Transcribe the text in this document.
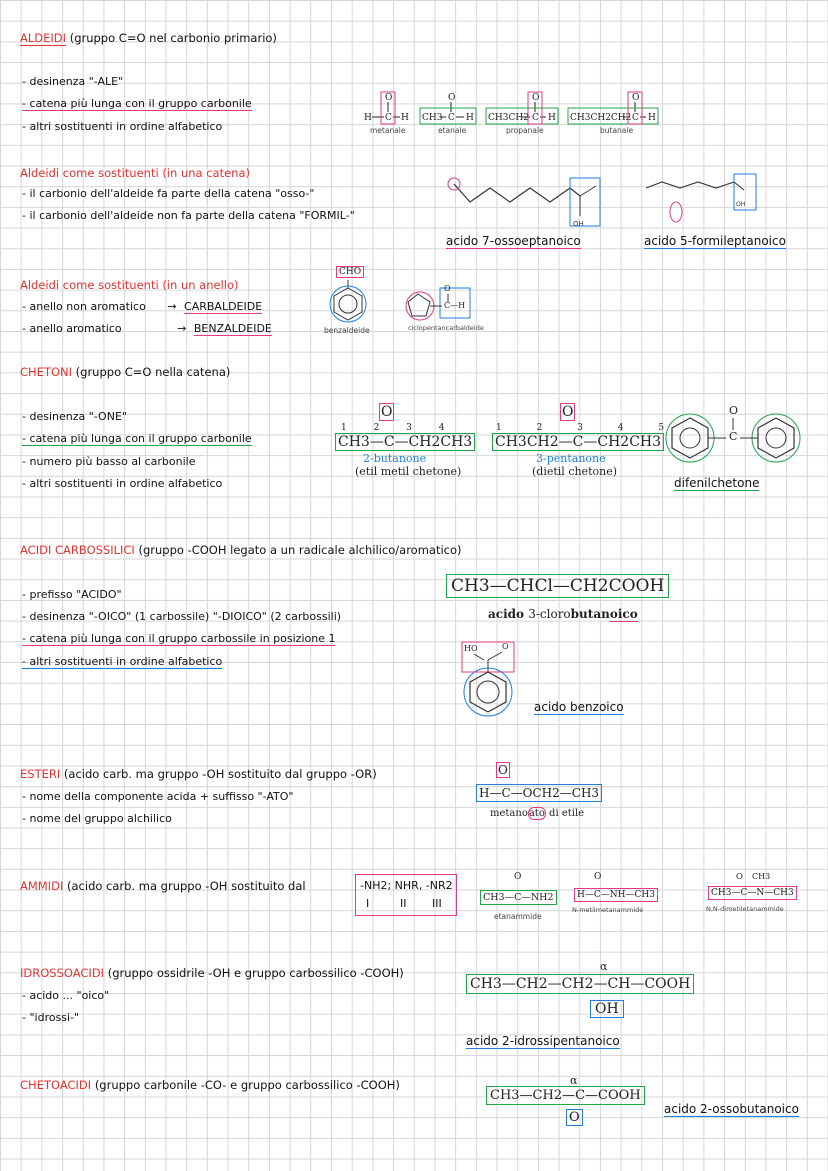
ALDEIDI (gruppo C=O nel carbonio primario)
- desinenza "-ALE"
- catena più lunga con il gruppo carbonile
- altri sostituenti in ordine alfabetico
O
H C H
O
CH3 C H
O
CH3CH2 C H
O
CH3CH2CH2 C H
metanale	etanale	propanale	butanale
Aldeidi come sostituenti (in una catena)
- il carbonio dell'aldeide fa parte della catena "osso-"
- il carbonio dell'aldeide non fa parte della catena "FORMIL-"
OH
acido 7-ossoeptanoico
OH
acido 5-formileptanoico
Aldeidi come sostituenti (in un anello)
- anello non aromatico → CARBALDEIDE
- anello aromatico	→ BENZALDEIDE
CHO
benzaldeide
O
C—H
ciclopentancarbaldeide
CHETONI (gruppo C=O nella catena)
- desinenza "-ONE"
- catena più lunga con il gruppo carbonile
- numero più basso al carbonile
- altri sostituenti in ordine alfabetico
1 2 3 4
O
CH3—C—CH2CH3
2-butanone
(etil metil chetone)
1 2 3 4 5
O
CH3CH2—C—CH2CH3
3-pentanone
(dietil chetone)
O
C
difenilchetone
ACIDI CARBOSSILICI (gruppo -COOH legato a un radicale alchilico/aromatico)
- prefisso "ACIDO"
- desinenza "-OICO" (1 carbossile) "-DIOICO" (2 carbossili)
- catena più lunga con il gruppo carbossile in posizione 1
- altri sostituenti in ordine alfabetico
CH3—CHCl—CH2COOH
acido 3-clorobutanoico
HO	O
acido benzoico
ESTERI (acido carb. ma gruppo -OH sostituito dal gruppo -OR)
- nome della componente acida + suffisso "-ATO"
- nome del gruppo alchilico
O
H—C—OCH2—CH3
metanoato di etile
AMMIDI (acido carb. ma gruppo -OH sostituito dal	-NH2; NHR, -NR2
I	II III
O
CH3—C—NH2
etanammide
O
H—C—NH—CH3
N-metilmetanammide
O CH3
CH3—C—N—CH3
N,N-dimetiletanammide
IDROSSOACIDI (gruppo ossidrile -OH e gruppo carbossilico -COOH)
- acido ... "oico"
- "idrossi-"
α
CH3—CH2—CH2—CH—COOH
OH
acido 2-idrossipentanoico
CHETOACIDI (gruppo carbonile -CO- e gruppo carbossilico -COOH)	α
CH3—CH2—C—COOH
O
acido 2-ossobutanoico
